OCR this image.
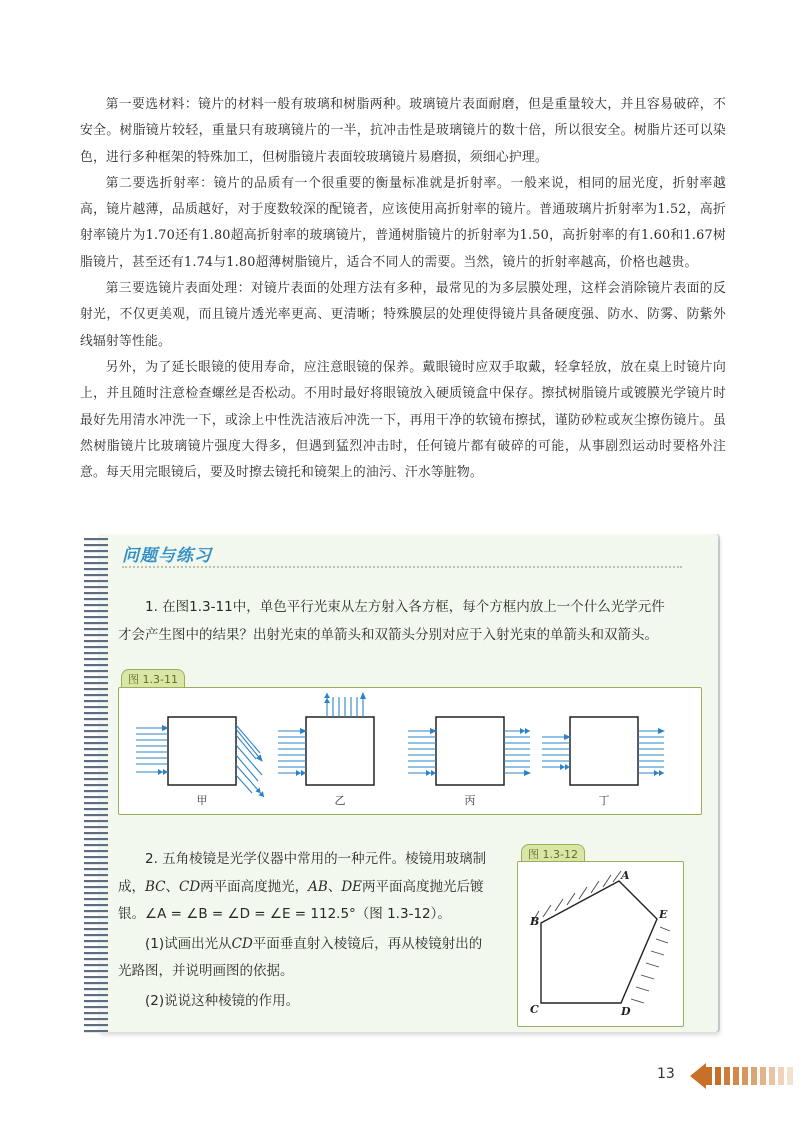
第一要选材料：镜片的材料一般有玻璃和树脂两种。玻璃镜片表面耐磨，但是重量较大，并且容易破碎，不安全。树脂镜片较轻，重量只有玻璃镜片的一半，抗冲击性是玻璃镜片的数十倍，所以很安全。树脂片还可以染色，进行多种框架的特殊加工，但树脂镜片表面较玻璃镜片易磨损，须细心护理。

第二要选折射率：镜片的品质有一个很重要的衡量标准就是折射率。一般来说，相同的屈光度，折射率越高，镜片越薄，品质越好，对于度数较深的配镜者，应该使用高折射率的镜片。普通玻璃片折射率为1.52，高折射率镜片为1.70还有1.80超高折射率的玻璃镜片，普通树脂镜片的折射率为1.50，高折射率的有1.60和1.67树脂镜片，甚至还有1.74与1.80超薄树脂镜片，适合不同人的需要。当然，镜片的折射率越高，价格也越贵。

第三要选镜片表面处理：对镜片表面的处理方法有多种，最常见的为多层膜处理，这样会消除镜片表面的反射光，不仅更美观，而且镜片透光率更高、更清晰；特殊膜层的处理使得镜片具备硬度强、防水、防雾、防紫外线辐射等性能。

另外，为了延长眼镜的使用寿命，应注意眼镜的保养。戴眼镜时应双手取戴，轻拿轻放，放在桌上时镜片向上，并且随时注意检查螺丝是否松动。不用时最好将眼镜放入硬质镜盒中保存。擦拭树脂镜片或镀膜光学镜片时最好先用清水冲洗一下，或涂上中性洗洁液后冲洗一下，再用干净的软镜布擦拭，谨防砂粒或灰尘擦伤镜片。虽然树脂镜片比玻璃镜片强度大得多，但遇到猛烈冲击时，任何镜片都有破碎的可能，从事剧烈运动时要格外注意。每天用完眼镜后，要及时擦去镜托和镜架上的油污、汗水等脏物。

问题与练习
1. 在图1.3-11中，单色平行光束从左方射入各方框，每个方框内放上一个什么光学元件才会产生图中的结果？出射光束的单箭头和双箭头分别对应于入射光束的单箭头和双箭头。
图 1.3-11
甲	乙	丙	丁

2. 五角棱镜是光学仪器中常用的一种元件。棱镜用玻璃制成，BC、CD两平面高度抛光，AB、DE两平面高度抛光后镀银。∠A = ∠B = ∠D = ∠E = 112.5°（图 1.3-12）。

(1)试画出光从CD平面垂直射入棱镜后，再从棱镜射出的光路图，并说明画图的依据。

(2)说说这种棱镜的作用。

图 1.3-12
A
B
C	D
E
13
